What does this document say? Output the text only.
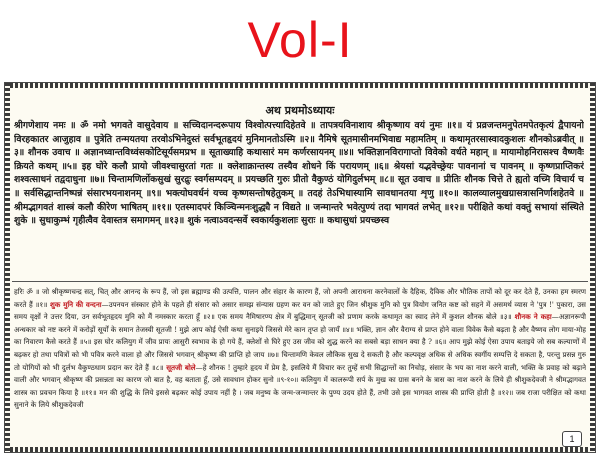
Vol-I
अथ प्रथमोऽध्यायः
श्रीगणेशाय नमः ॥ ॐ नमो भगवते वासुदेवाय ॥ सच्चिदानन्दरूपाय विश्वोत्पत्त्यादिहेतवे ॥ तापत्रयविनाशाय श्रीकृष्णाय वयं नुमः ॥१॥ यं प्रव्रजन्तमनुपेतमपेतकृत्यं द्वैपायनो विरहकातर आजुहाव ॥ पुत्रेति तन्मयतया तरवोऽभिनेदुस्तं सर्वभूतहृदयं मुनिमानतोऽस्मि ॥२॥ नैमिषे सूतमासीनमभिवाद्य महामतिम् ॥ कथामृतरसास्वादकुशलः शौनकोऽब्रवीत् ॥३॥ शौनक उवाच ॥ अज्ञानध्वान्तविध्वंसकोटिसूर्यसमप्रभ ॥ सूताख्याहि कथासारं मम कर्णरसायनम् ॥४॥ भक्तिज्ञानविरागाप्तो विवेको वर्धते महान् ॥ मायामोहनिरासश्च वैष्णवैः क्रियते कथम् ॥५॥ इह घोरे कलौ प्रायो जीवश्चासुरतां गतः ॥ क्लेशाक्रान्तस्य तस्यैव शोधने किं परायणम् ॥६॥ श्रेयसां यद्भवेच्छ्रेयः पावनानां च पावनम् ॥ कृष्णप्राप्तिकरं शश्वत्साधनं तद्वदाधुना ॥७॥ चिन्तामणिर्लोकसुखं सुरद्रुः स्वर्गसम्पदम् ॥ प्रयच्छति गुरुः प्रीतो वैकुण्ठं योगिदुर्लभम् ॥८॥ सूत उवाच ॥ प्रीतिः शौनक चित्ते ते ह्यतो वच्मि विचार्य च ॥ सर्वसिद्धान्तनिष्पन्नं संसारभयनाशनम् ॥९॥ भक्त्योघवर्धनं यच्च कृष्णसन्तोषहेतुकम् ॥ तदहं तेऽभिधास्यामि सावधानतया शृणु ॥१०॥ कालव्यालमुखग्रासत्रासनिर्णाशहेतवे ॥ श्रीमद्भागवतं शास्त्रं कलौ कीरेण भाषितम् ॥११॥ एतस्मादपरं किञ्चिन्मनःशुद्ध्यै न विद्यते ॥ जन्मान्तरे भवेत्पुण्यं तदा भागवतं लभेत् ॥१२॥ परीक्षिते कथां वक्तुं सभायां संस्थिते शुके ॥ सुधाकुम्भं गृहीत्वैव देवास्तत्र समागमन् ॥१३॥ शुकं नत्वाऽवदन्सर्वे स्वकार्यकुशलाः सुराः ॥ कथासुधां प्रयच्छस्व
हरिः ॐ ॥ जो श्रीकृष्णचन्द्र सत्, चित् और आनन्द के रूप हैं, जो इस ब्रह्माण्ड की उत्पत्ति, पालन और संहार के कारण हैं, जो अपनी आराधना करनेवालों के दैहिक, दैविक और भौतिक तापों को दूर कर देते हैं, उनका हम स्मरण करते हैं ॥१॥ शुक मुनि की वन्दना—उपनयन संस्कार होने के पहले ही संसार को असार समझ संन्यास ग्रहण कर वन को जाते हुए जिन श्रीशुक मुनि को पुत्र वियोग जनित कष्ट को सहने में असमर्थ व्यास ने 'पुत्र !' पुकारा, उस समय वृक्षों ने उत्तर दिया, उन सर्वभूतहृदय मुनि को मैं नमस्कार करता हूँ ॥२॥ एक समय नैमिषारण्य क्षेत्र में बुद्धिमान् सूतजी को प्रणाम करके कथामृत का स्वाद लेने में कुशल शौनक बोले ॥३॥ शौनक ने कहा—अज्ञानरूपी अन्धकार को नष्ट करने में करोड़ों सूर्यों के समान तेजस्वी सूतजी ! मुझे आप कोई ऐसी कथा सुनाइये जिससे मेरे कान तृप्त हो जायँ ॥४॥ भक्ति, ज्ञान और वैराग्य से प्राप्त होने वाला विवेक कैसे बढ़ता है और वैष्णव लोग माया-मोह का निवारण कैसे करते हैं ॥५॥ इस घोर कलियुग में जीव प्रायः आसुरी स्वभाव के हो गये हैं, क्लेशों से घिरे हुए उस जीव को शुद्ध करने का सबसे बड़ा साधन क्या है ? ॥६॥ आप मुझे कोई ऐसा उपाय बताइये जो सब कल्याणों में बढ़कर हो तथा पवित्रों को भी पवित्र करने वाला हो और जिससे भगवान् श्रीकृष्ण की प्राप्ति हो जाय ॥७॥ चिन्तामणि केवल लौकिक सुख दे सकती है और कल्पवृक्ष अधिक से अधिक स्वर्गीय सम्पत्ति दे सकता है, परन्तु प्रसन्न गुरु तो योगियों को भी दुर्लभ वैकुण्ठधाम प्रदान कर देते हैं ॥८॥ सूतजी बोले—हे शौनक ! तुम्हारे हृदय में प्रेम है, इसलिये मैं विचार कर तुम्हें सभी सिद्धान्तों का निचोड़, संसार के भय का नाश करने वाली, भक्ति के प्रवाह को बढ़ाने वाली और भगवान् श्रीकृष्ण की प्रसन्नता का कारण जो बात है, वह बताता हूँ, उसे सावधान होकर सुनो ॥९-१०॥ कलियुग में कालरूपी सर्प के मुख का ग्रास बनने के त्रास का नाश करने के लिये ही श्रीशुकदेवजी ने श्रीमद्भागवत शास्त्र का प्रवचन किया है ॥११॥ मन की शुद्धि के लिये इससे बढ़कर कोई उपाय नहीं है । जब मनुष्य के जन्म-जन्मान्तर के पुण्य उदय होते हैं, तभी उसे इस भागवत शास्त्र की प्राप्ति होती है ॥१२॥ जब राजा परीक्षित को कथा सुनाने के लिये श्रीशुकदेवजी
1
